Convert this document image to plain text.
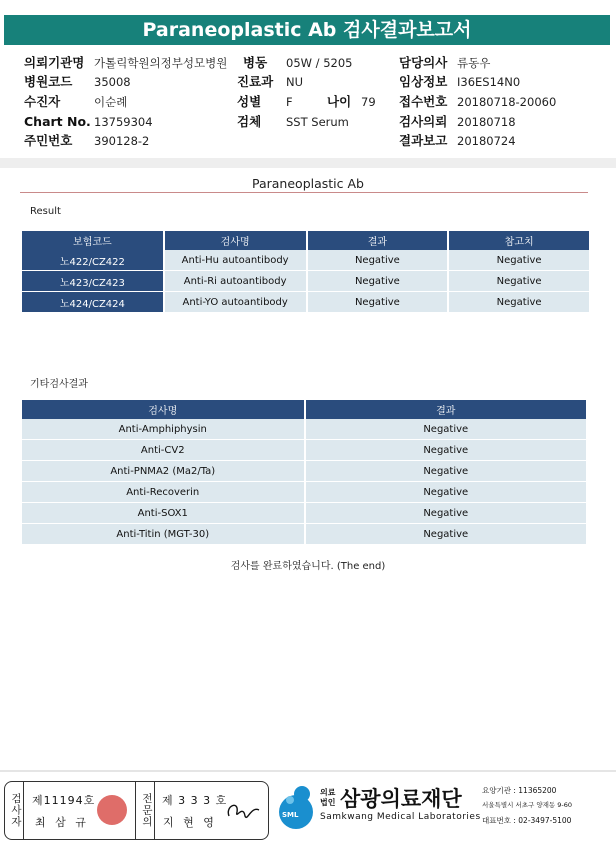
Paraneoplastic Ab 검사결과보고서
의뢰기관명 가톨릭학원의정부성모병원 병동 05W / 5205	담당의사 류동우
병원코드 35008	진료과 NU	임상정보 I36ES14N0
수진자	이순례	성별 F	나이 79 접수번호 20180718-20060
Chart No. 13759304	검체 SST Serum	검사의뢰 20180718
주민번호 390128-2	결과보고 20180724
Paraneoplastic Ab
Result
보험코드	검사명	결과	참고치
노422/CZ422	Anti-Hu autoantibody	Negative	Negative
노423/CZ423	Anti-Ri autoantibody	Negative	Negative
노424/CZ424	Anti-YO autoantibody	Negative	Negative
기타검사결과
검사명	결과
Anti-Amphiphysin	Negative
Anti-CV2	Negative
Anti-PNMA2 (Ma2/Ta)	Negative
Anti-Recoverin	Negative
Anti-SOX1	Negative
Anti-Titin (MGT-30)	Negative
검사를 완료하였습니다. (The end)
검사자 제11194호
최 삼 규	전문의 제 3 3 3 호
지 현 영
SML
의료
법인 삼광의료재단
Samkwang Medical Laboratories
요양기관 : 11365200
서울특별시 서초구 양재동 9-60
대표번호 : 02-3497-5100
